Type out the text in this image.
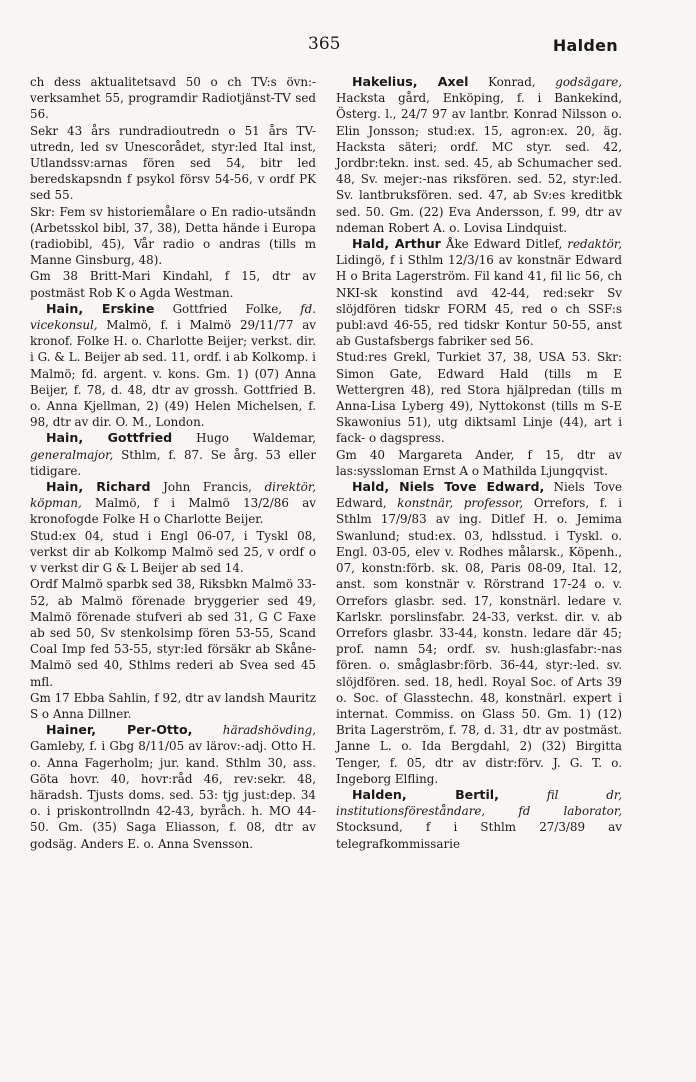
365	Halden

ch dess aktualitetsavd 50 o ch TV:s övn:-verksamhet 55, programdir Radiotjänst-TV sed 56.

Sekr 43 års rundradioutredn o 51 års TV-utredn, led sv Unescorådet, styr:led Ital inst, Utlandssv:arnas fören sed 54, bitr led beredskapsndn f psykol försv 54-56, v ordf PK sed 55.

Skr: Fem sv historiemålare o En radio-utsändn (Arbetsskol bibl, 37, 38), Detta hände i Europa (radiobibl, 45), Vår radio o andras (tills m Manne Ginsburg, 48).

Gm 38 Britt-Mari Kindahl, f 15, dtr av postmäst Rob K o Agda Westman.

Hain, Erskine Gottfried Folke, fd. vicekonsul, Malmö, f. i Malmö 29/11/77 av kronof. Folke H. o. Charlotte Beijer; verkst. dir. i G. & L. Beijer ab sed. 11, ordf. i ab Kolkomp. i Malmö; fd. argent. v. kons. Gm. 1) (07) Anna Beijer, f. 78, d. 48, dtr av grossh. Gottfried B. o. Anna Kjellman, 2) (49) Helen Michelsen, f. 98, dtr av dir. O. M., London.

Hain, Gottfried Hugo Waldemar, generalmajor, Sthlm, f. 87. Se årg. 53 eller tidigare.

Hain, Richard John Francis, direktör, köpman, Malmö, f i Malmö 13/2/86 av kronofogde Folke H o Charlotte Beijer.

Stud:ex 04, stud i Engl 06-07, i Tyskl 08, verkst dir ab Kolkomp Malmö sed 25, v ordf o v verkst dir G & L Beijer ab sed 14.

Ordf Malmö sparbk sed 38, Riksbkn Malmö 33-52, ab Malmö förenade bryggerier sed 49, Malmö förenade stufveri ab sed 31, G C Faxe ab sed 50, Sv stenkolsimp fören 53-55, Scand Coal Imp fed 53-55, styr:led försäkr ab Skåne-Malmö sed 40, Sthlms rederi ab Svea sed 45 mfl.

Gm 17 Ebba Sahlin, f 92, dtr av landsh Mauritz S o Anna Dillner.

Hainer, Per-Otto,	häradshövding, Gamleby, f. i Gbg 8/11/05 av lärov:-adj. Otto H. o. Anna Fagerholm; jur. kand. Sthlm 30, ass. Göta hovr. 40, hovr:råd 46, rev:sekr. 48, häradsh. Tjusts doms. sed. 53: tjg just:dep. 34 o. i priskontrollndn 42-43, byråch. h. MO 44-50. Gm. (35) Saga Eliasson, f. 08, dtr av godsäg. Anders E. o. Anna Svensson.

Hakelius, Axel Konrad, godsägare, Hacksta gård, Enköping, f. i Bankekind, Österg. l., 24/7 97 av lantbr. Konrad Nilsson o. Elin Jonsson; stud:ex. 15, agron:ex. 20, äg. Hacksta säteri; ordf. MC styr. sed. 42, Jordbr:tekn. inst. sed. 45, ab Schumacher sed. 48, Sv. mejer:-nas riksfören. sed. 52, styr:led. Sv. lantbruksfören. sed. 47, ab Sv:es kreditbk sed. 50. Gm. (22) Eva Andersson, f. 99, dtr av ndeman Robert A. o. Lovisa Lindquist.

Hald, Arthur Åke Edward Ditlef, redaktör, Lidingö, f i Sthlm 12/3/16 av konstnär Edward H o Brita Lagerström. Fil kand 41, fil lic 56, ch NKI-sk konstind avd 42-44, red:sekr Sv slöjdfören tidskr FORM 45, red o ch SSF:s publ:avd 46-55, red tidskr Kontur 50-55, anst ab Gustafsbergs fabriker sed 56.

Stud:res Grekl, Turkiet 37, 38, USA 53. Skr: Simon Gate, Edward Hald (tills m E Wettergren 48), red Stora hjälpredan (tills m Anna-Lisa Lyberg 49), Nyttokonst (tills m S-E Skawonius 51), utg diktsaml Linje (44), art i fack- o dagspress.

Gm 40 Margareta Ander, f 15, dtr av las:syssloman Ernst A o Mathilda Ljungqvist.

Hald, Niels Tove Edward, Niels Tove Edward, konstnär, professor, Orrefors, f. i Sthlm 17/9/83 av ing. Ditlef H. o. Jemima Swanlund; stud:ex. 03, hdlsstud. i Tyskl. o. Engl. 03-05, elev v. Rodhes målarsk., Köpenh., 07, konstn:förb. sk. 08, Paris 08-09, Ital. 12, anst. som konstnär v. Rörstrand 17-24 o. v. Orrefors glasbr. sed. 17, konstnärl. ledare v. Karlskr. porslinsfabr. 24-33, verkst. dir. v. ab Orrefors glasbr. 33-44, konstn. ledare där 45; prof. namn 54; ordf. sv. hush:glasfabr:-nas fören. o. småglasbr:förb. 36-44, styr:-led. sv. slöjdfören. sed. 18, hedl. Royal Soc. of Arts 39 o. Soc. of Glasstechn. 48, konstnärl. expert i internat. Commiss. on Glass 50. Gm. 1) (12) Brita Lagerström, f. 78, d. 31, dtr av postmäst. Janne L. o. Ida Bergdahl, 2) (32) Birgitta Tenger, f. 05, dtr av distr:förv. J. G. T. o. Ingeborg Elfling.

Halden, Bertil,	fil dr, institutionsföreståndare, fd laborator, Stocksund, f i Sthlm 27/3/89 av telegrafkommissarie
